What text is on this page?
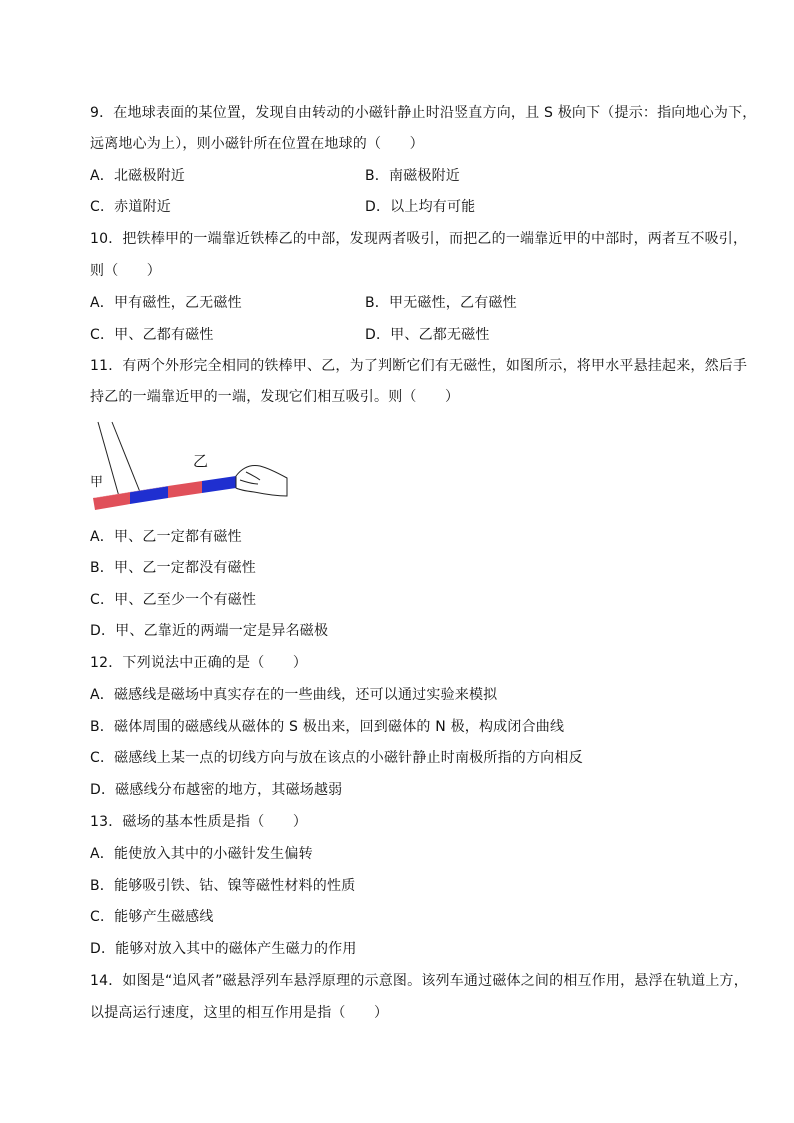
9．在地球表面的某位置，发现自由转动的小磁针静止时沿竖直方向，且 S 极向下（提示：指向地心为下，
远离地心为上），则小磁针所在位置在地球的（　　）
A．北磁极附近	B．南磁极附近
C．赤道附近	D．以上均有可能
10．把铁棒甲的一端靠近铁棒乙的中部，发现两者吸引，而把乙的一端靠近甲的中部时，两者互不吸引，
则（　　）
A．甲有磁性，乙无磁性	B．甲无磁性，乙有磁性
C．甲、乙都有磁性	D．甲、乙都无磁性
11．有两个外形完全相同的铁棒甲、乙，为了判断它们有无磁性，如图所示，将甲水平悬挂起来，然后手
持乙的一端靠近甲的一端，发现它们相互吸引。则（　　）
甲
乙
A．甲、乙一定都有磁性
B．甲、乙一定都没有磁性
C．甲、乙至少一个有磁性
D．甲、乙靠近的两端一定是异名磁极
12．下列说法中正确的是（　　）
A．磁感线是磁场中真实存在的一些曲线，还可以通过实验来模拟
B．磁体周围的磁感线从磁体的 S 极出来，回到磁体的 N 极，构成闭合曲线
C．磁感线上某一点的切线方向与放在该点的小磁针静止时南极所指的方向相反
D．磁感线分布越密的地方，其磁场越弱
13．磁场的基本性质是指（　　）
A．能使放入其中的小磁针发生偏转
B．能够吸引铁、钴、镍等磁性材料的性质
C．能够产生磁感线
D．能够对放入其中的磁体产生磁力的作用
14．如图是“追风者”磁悬浮列车悬浮原理的示意图。该列车通过磁体之间的相互作用，悬浮在轨道上方，
以提高运行速度，这里的相互作用是指（　　）
